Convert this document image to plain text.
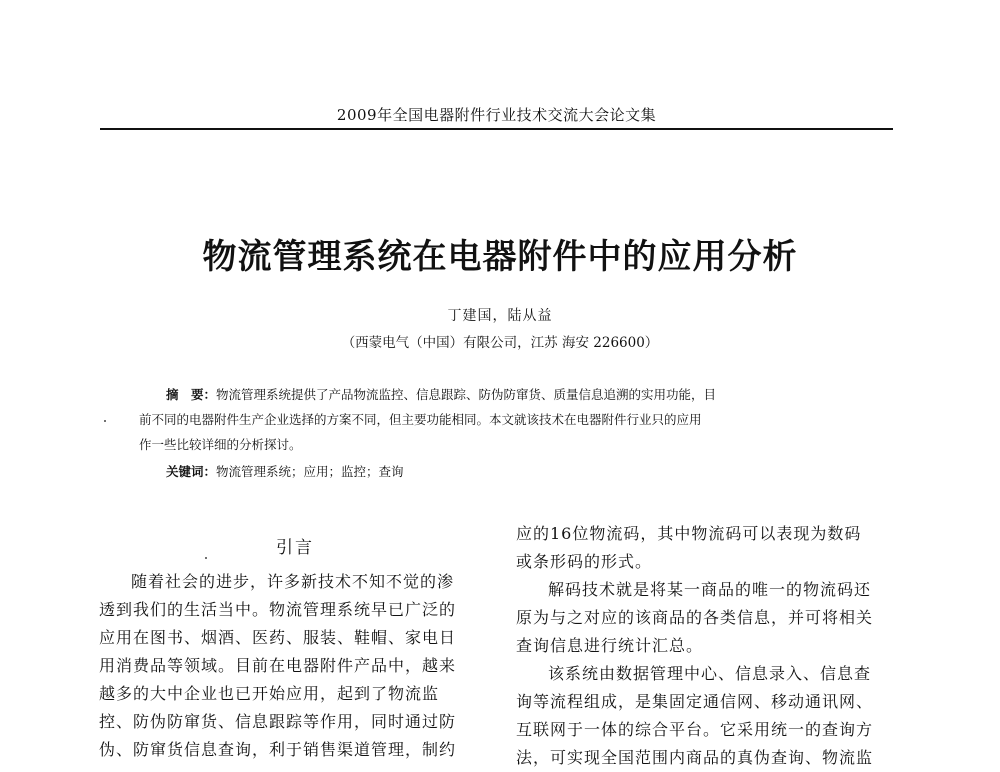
2009年全国电器附件行业技术交流大会论文集
物流管理系统在电器附件中的应用分析
丁建国，陆从益
（西蒙电气（中国）有限公司，江苏 海安 226600）
摘　要：物流管理系统提供了产品物流监控、信息跟踪、防伪防窜货、质量信息追溯的实用功能，目
前不同的电器附件生产企业选择的方案不同，但主要功能相同。本文就该技术在电器附件行业只的应用
作一些比较详细的分析探讨。
关键词：物流管理系统；应用；监控；查询
引言
随着社会的进步，许多新技术不知不觉的渗
透到我们的生活当中。物流管理系统早已广泛的
应用在图书、烟酒、医药、服装、鞋帽、家电日
用消费品等领域。目前在电器附件产品中，越来
越多的大中企业也已开始应用，起到了物流监
控、防伪防窜货、信息跟踪等作用，同时通过防
伪、防窜货信息查询，利于销售渠道管理，制约
应的16位物流码，其中物流码可以表现为数码
或条形码的形式。
解码技术就是将某一商品的唯一的物流码还
原为与之对应的该商品的各类信息，并可将相关
查询信息进行统计汇总。
该系统由数据管理中心、信息录入、信息查
询等流程组成，是集固定通信网、移动通讯网、
互联网于一体的综合平台。它采用统一的查询方
法，可实现全国范围内商品的真伪查询、物流监
